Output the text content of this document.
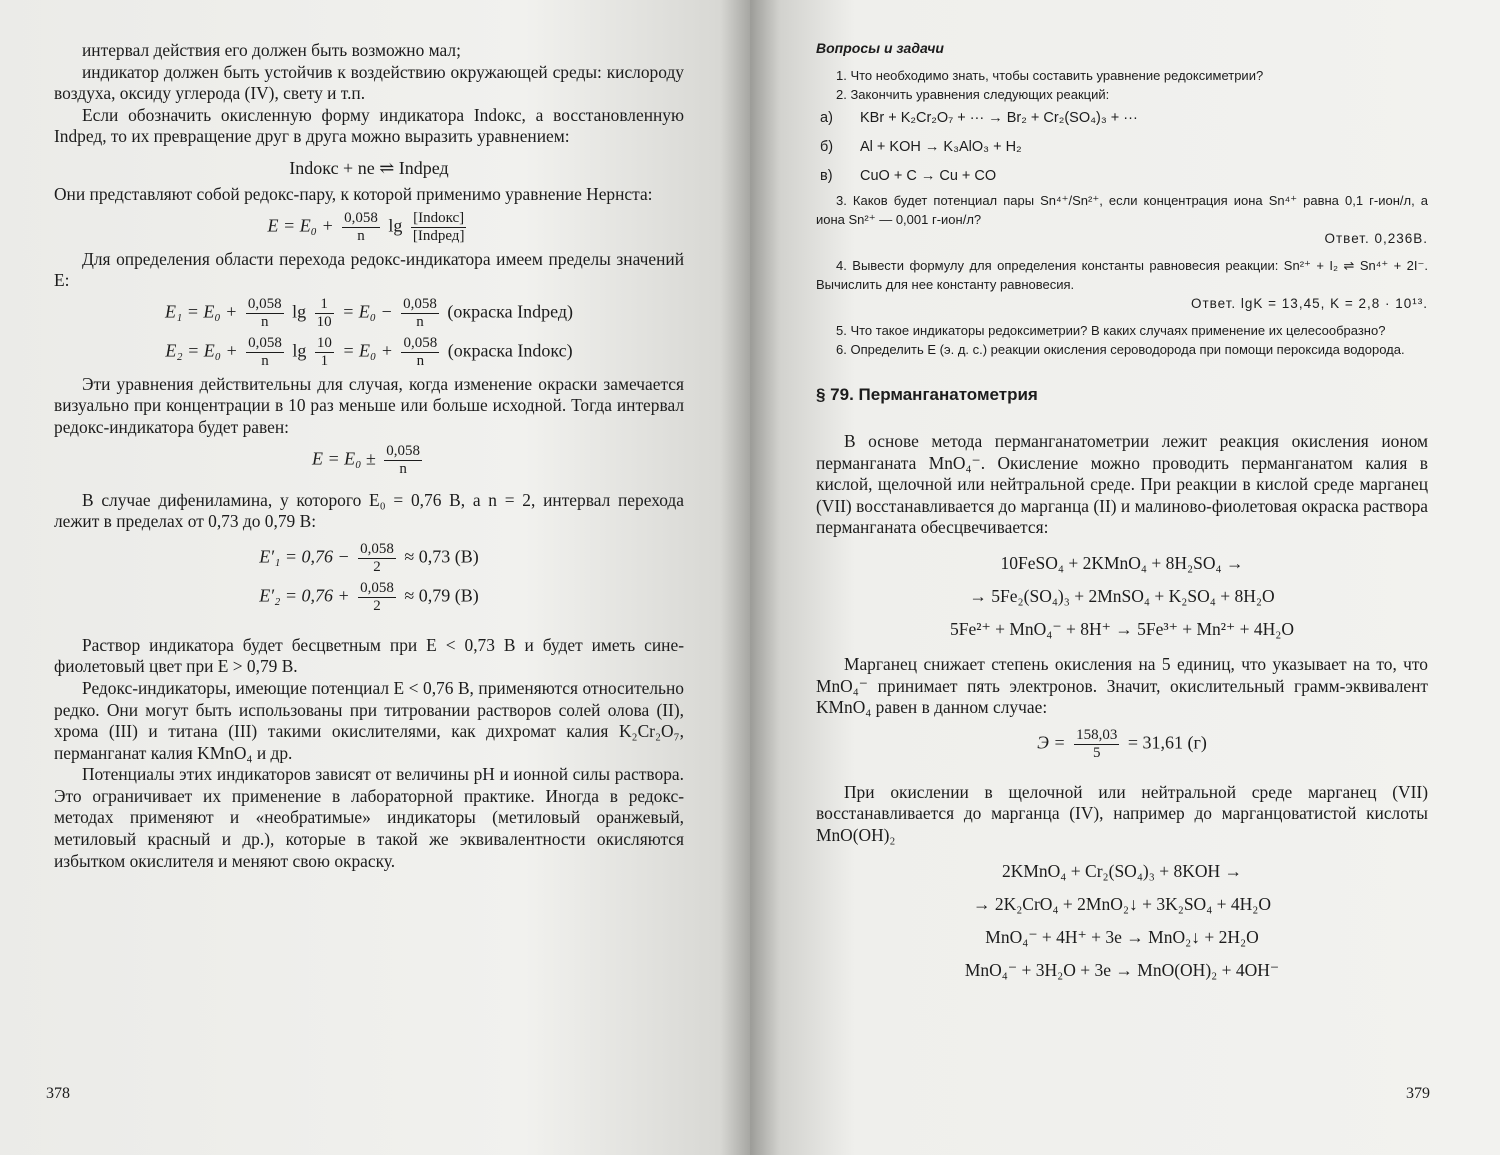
интервал действия его должен быть возможно мал;

индикатор должен быть устойчив к воздействию окружающей среды: кислороду воздуха, оксиду углерода (IV), свету и т.п.

Если обозначить окисленную форму индикатора Indокс, а восстановленную Indред, то их превращение друг в друга можно выразить уравнением:

Indокс + ne ⇌ Indред

Они представляют собой редокс-пару, к которой применимо уравнение Нернста:

$E = E_0 + \frac{0,058}{n}$ $\lg \frac{\text{[Indокс]}}{\text{[Indред]}}$

Для определения области перехода редокс-индикатора имеем пределы значений E:

$E_1 = E_0 + \frac{0,058}{n}$ $\lg \frac{1}{10} = E_0 - \frac{0,058}{n}$ (окраска Indред)
$E_2 = E_0 + \frac{0,058}{n}$ $\lg \frac{10}{1} = E_0 + \frac{0,058}{n}$ (окраска Indокс)

Эти уравнения действительны для случая, когда изменение окраски замечается визуально при концентрации в 10 раз меньше или больше исходной. Тогда интервал редокс-индикатора будет равен:

$E = E_0 \pm \frac{0,058}{n}$

В случае дифениламина, у которого E₀ = 0,76 В, а n = 2, интервал перехода лежит в пределах от 0,73 до 0,79 В:

$E'_1 = 0,76 - \frac{0,058}{2} \approx 0,73$ (В)
$E'_2 = 0,76 + \frac{0,058}{2} \approx 0,79$ (В)

Раствор индикатора будет бесцветным при E < 0,73 В и будет иметь сине-фиолетовый цвет при E > 0,79 В.

Редокс-индикаторы, имеющие потенциал E < 0,76 В, применяются относительно редко. Они могут быть использованы при титровании растворов солей олова (II), хрома (III) и титана (III) такими окислителями, как дихромат калия K₂Cr₂O₇, перманганат калия KMnO₄ и др.

Потенциалы этих индикаторов зависят от величины pH и ионной силы раствора. Это ограничивает их применение в лабораторной практике. Иногда в редокс-методах применяют и «необратимые» индикаторы (метиловый оранжевый, метиловый красный и др.), которые в такой же эквивалентности окисляются избытком окислителя и меняют свою окраску.

378
Вопросы и задачи

1. Что необходимо знать, чтобы составить уравнение редоксиметрии?

2. Закончить уравнения следующих реакций:

а) KBr + K₂Cr₂O₇ + ··· → Br₂ + Cr₂(SO₄)₃ + ···
б) Al + KOH → K₃AlO₃ + H₂
в) CuO + C → Cu + CO

3. Каков будет потенциал пары Sn⁴⁺/Sn²⁺, если концентрация иона Sn⁴⁺ равна 0,1 г-ион/л, а иона Sn²⁺ — 0,001 г-ион/л?

Ответ. 0,236В.

4. Вывести формулу для определения константы равновесия реакции: Sn²⁺ + I₂ ⇌ Sn⁴⁺ + 2I⁻. Вычислить для нее константу равновесия.

Ответ. lgK = 13,45, K = 2,8 · 10¹³.

5. Что такое индикаторы редоксиметрии? В каких случаях применение их целесообразно?

6. Определить E (э. д. с.) реакции окисления сероводорода при помощи пероксида водорода.

§ 79. Перманганатометрия

В основе метода перманганатометрии лежит реакция окисления ионом перманганата MnO₄⁻. Окисление можно проводить перманганатом калия в кислой, щелочной или нейтральной среде. При реакции в кислой среде марганец (VII) восстанавливается до марганца (II) и малиново-фиолетовая окраска раствора перманганата обесцвечивается:

10FeSO₄ + 2KMnO₄ + 8H₂SO₄ →
→ 5Fe₂(SO₄)₃ + 2MnSO₄ + K₂SO₄ + 8H₂O
5Fe²⁺ + MnO₄⁻ + 8H⁺ → 5Fe³⁺ + Mn²⁺ + 4H₂O

Марганец снижает степень окисления на 5 единиц, что указывает на то, что MnO₄⁻ принимает пять электронов. Значит, окислительный грамм-эквивалент KMnO₄ равен в данном случае:

$Э = \frac{158,03}{5} = 31,61$ (г)

При окислении в щелочной или нейтральной среде марганец (VII) восстанавливается до марганца (IV), например до марганцоватистой кислоты MnO(OH)₂

2KMnO₄ + Cr₂(SO₄)₃ + 8KOH →
→ 2K₂CrO₄ + 2MnO₂↓ + 3K₂SO₄ + 4H₂O
MnO₄⁻ + 4H⁺ + 3e → MnO₂↓ + 2H₂O
MnO₄⁻ + 3H₂O + 3e → MnO(OH)₂ + 4OH⁻
379
